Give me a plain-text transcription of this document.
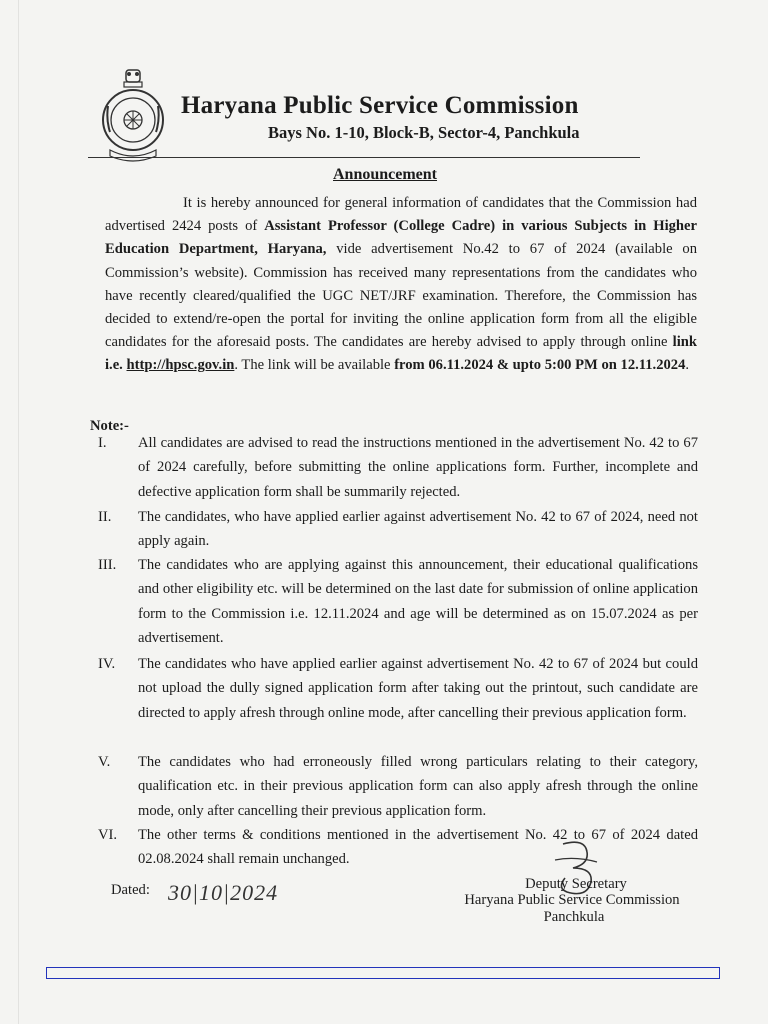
Haryana Public Service Commission
Bays No. 1-10, Block-B, Sector-4, Panchkula
Announcement
It is hereby announced for general information of candidates that the Commission had advertised 2424 posts of Assistant Professor (College Cadre) in various Subjects in Higher Education Department, Haryana, vide advertisement No.42 to 67 of 2024 (available on Commission’s website). Commission has received many representations from the candidates who have recently cleared/qualified the UGC NET/JRF examination. Therefore, the Commission has decided to extend/re-open the portal for inviting the online application form from all the eligible candidates for the aforesaid posts. The candidates are hereby advised to apply through online link i.e. http://hpsc.gov.in. The link will be available from 06.11.2024 & upto 5:00 PM on 12.11.2024.
Note:-
I.	All candidates are advised to read the instructions mentioned in the advertisement No. 42 to 67 of 2024 carefully, before submitting the online applications form. Further, incomplete and defective application form shall be summarily rejected.
II.	The candidates, who have applied earlier against advertisement No. 42 to 67 of 2024, need not apply again.
III.	The candidates who are applying against this announcement, their educational qualifications and other eligibility etc. will be determined on the last date for submission of online application form to the Commission i.e. 12.11.2024 and age will be determined as on 15.07.2024 as per advertisement.
IV.	The candidates who have applied earlier against advertisement No. 42 to 67 of 2024 but could not upload the dully signed application form after taking out the printout, such candidate are directed to apply afresh through online mode, after cancelling their previous application form.
V.	The candidates who had erroneously filled wrong particulars relating to their category, qualification etc. in their previous application form can also apply afresh through the online mode, only after cancelling their previous application form.
VI.	The other terms & conditions mentioned in the advertisement No. 42 to 67 of 2024 dated 02.08.2024 shall remain unchanged.
Dated: 30|10|2024	Deputy Secretary
Haryana Public Service Commission
Panchkula
